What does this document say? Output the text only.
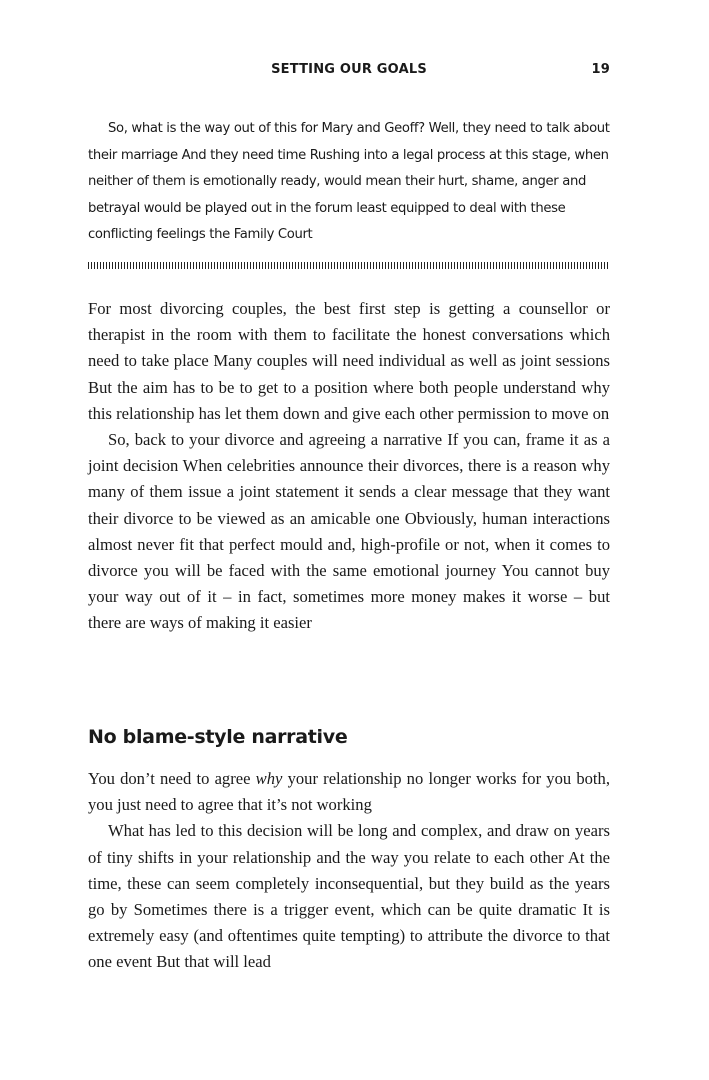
SETTING OUR GOALS	19

So, what is the way out of this for Mary and Geoff? Well, they need to talk about their marriage And they need time Rushing into a legal process at this stage, when neither of them is emotionally ready, would mean their hurt, shame, anger and betrayal would be played out in the forum least equipped to deal with these conflicting feelings the Family Court

For most divorcing couples, the best first step is getting a counsellor or therapist in the room with them to facilitate the honest conversations which need to take place Many couples will need individual as well as joint sessions But the aim has to be to get to a position where both people understand why this relationship has let them down and give each other permission to move on

So, back to your divorce and agreeing a narrative If you can, frame it as a joint decision When celebrities announce their divorces, there is a reason why many of them issue a joint statement it sends a clear message that they want their divorce to be viewed as an amicable one Obviously, human interactions almost never fit that perfect mould and, high-profile or not, when it comes to divorce you will be faced with the same emotional journey You cannot buy your way out of it – in fact, sometimes more money makes it worse – but there are ways of making it easier

No blame-style narrative

You don’t need to agree why your relationship no longer works for you both, you just need to agree that it’s not working

What has led to this decision will be long and complex, and draw on years of tiny shifts in your relationship and the way you relate to each other At the time, these can seem completely inconsequential, but they build as the years go by Sometimes there is a trigger event, which can be quite dramatic It is extremely easy (and oftentimes quite tempting) to attribute the divorce to that one event But that will lead
